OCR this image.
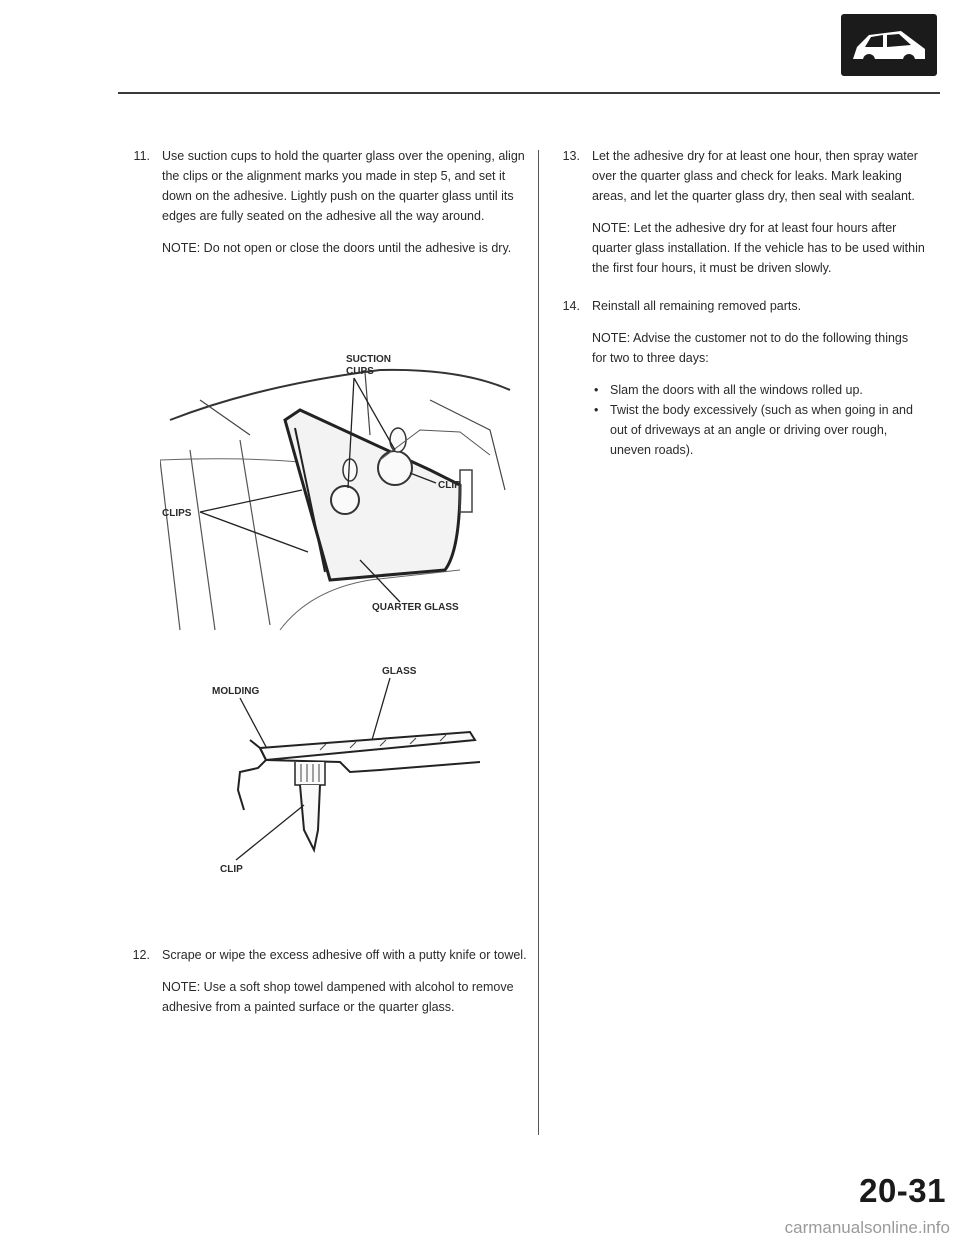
11. Use suction cups to hold the quarter glass over the opening, align the clips or the alignment marks you made in step 5, and set it down on the adhesive. Lightly push on the quarter glass until its edges are fully seated on the adhesive all the way around.

NOTE: Do not open or close the doors until the adhesive is dry.

SUCTION
CUPS
CLIP
CLIPS
QUARTER GLASS
GLASS
MOLDING
CLIP

12. Scrape or wipe the excess adhesive off with a putty knife or towel.

NOTE: Use a soft shop towel dampened with alcohol to remove adhesive from a painted surface or the quarter glass.

13. Let the adhesive dry for at least one hour, then spray water over the quarter glass and check for leaks. Mark leaking areas, and let the quarter glass dry, then seal with sealant.

NOTE: Let the adhesive dry for at least four hours after quarter glass installation. If the vehicle has to be used within the first four hours, it must be driven slowly.

14. Reinstall all remaining removed parts.

NOTE: Advise the customer not to do the following things for two to three days:

• Slam the doors with all the windows rolled up.
• Twist the body excessively (such as when going in and out of driveways at an angle or driving over rough, uneven roads).
20-31
carmanualsonline.info
